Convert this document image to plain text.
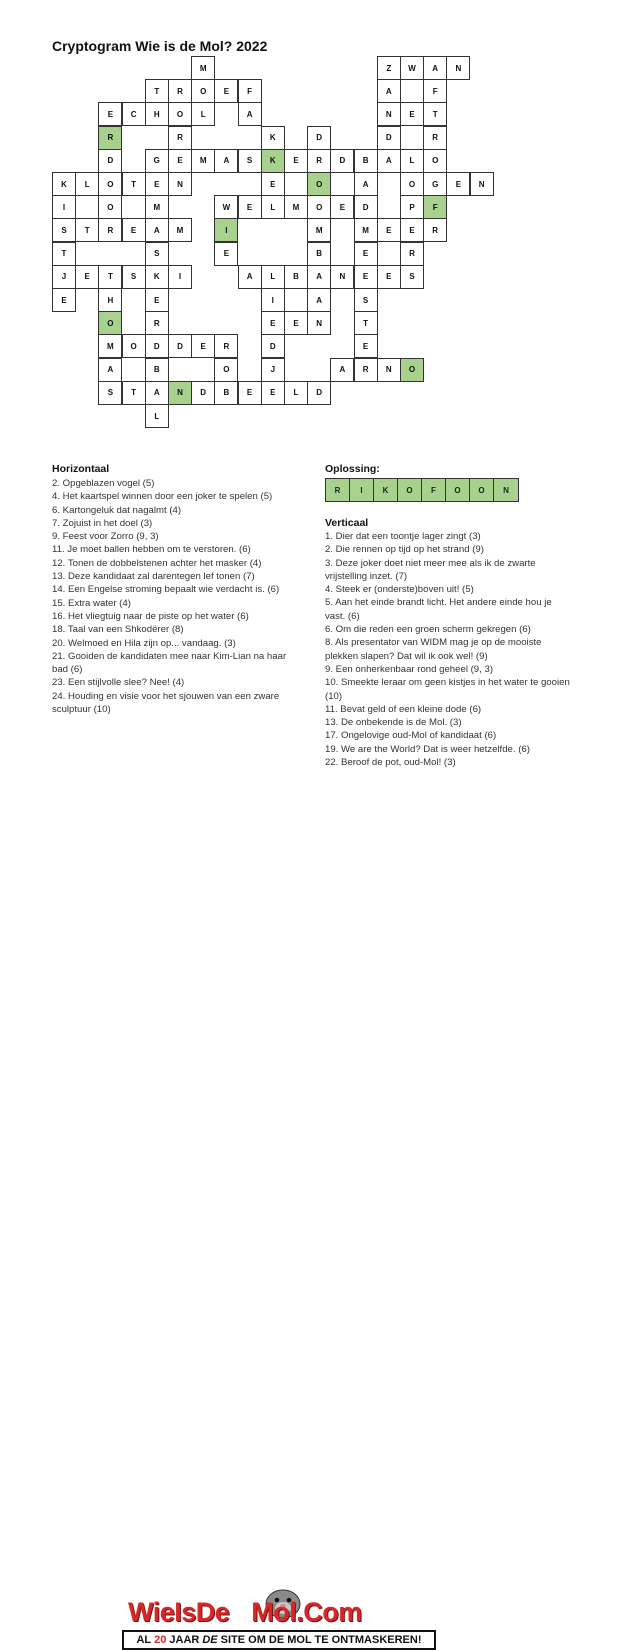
Cryptogram Wie is de Mol? 2022
M	Z	W	A	N
T	R	O	E	F	A	F
E	C	H	O	L	A	N	E	T
R	R	K	D	D	R
D	G	E	M	A	S	K	E	R	D	B	A	L	O
K	L	O	T	E	N	E	O	A	O	G	E	N
I	O	M	W	E	L	M	O	E	D	P	F
S	T	R	E	A	M	I	M	M	E	E	R
T	S	E	B	E	R
J	E	T	S	K	I	A	L	B	A	N	E	E	S
E	H	E	I	A	S
O	R	E	E	N	T
M	O	D	D	E	R	D	E
A	B	O	J	A	R	N	O
S	T	A	N	D	B	E	E	L	D
L
Horizontaal
2. Opgeblazen vogel (5)
4. Het kaartspel winnen door een joker te spelen (5)
6. Kartongeluk dat nagalmt (4)
7. Zojuist in het doel (3)
9. Feest voor Zorro (9, 3)
11. Je moet ballen hebben om te verstoren. (6)
12. Tonen de dobbelstenen achter het masker (4)
13. Deze kandidaat zal darentegen lef tonen (7)
14. Een Engelse stroming bepaalt wie verdacht is. (6)
15. Extra water (4)
16. Het vliegtuig naar de piste op het water (6)
18. Taal van een Shkodërer (8)
20. Welmoed en Hila zijn op... vandaag. (3)
21. Gooiden de kandidaten mee naar Kim-Lian na haar bad (6)
23. Een stijlvolle slee? Nee! (4)
24. Houding en visie voor het sjouwen van een zware sculptuur (10)
Oplossing:
R	I	K	O	F	O	O	N
Verticaal
1. Dier dat een toontje lager zingt (3)
2. Die rennen op tijd op het strand (9)
3. Deze joker doet niet meer mee als ik de zwarte vrijstelling inzet. (7)
4. Steek er (onderste)boven uit! (5)
5. Aan het einde brandt licht. Het andere einde hou je vast. (6)
6. Om die reden een groen scherm gekregen (6)
8. Als presentator van WIDM mag je op de mooiste plekken slapen? Dat wil ik ook wel! (9)
9. Een onherkenbaar rond geheel (9, 3)
10. Smeekte leraar om geen kistjes in het water te gooien (10)
11. Bevat geld of een kleine dode (6)
13. De onbekende is de Mol. (3)
17. Ongelovige oud-Mol of kandidaat (6)
19. We are the World? Dat is weer hetzelfde. (6)
22. Beroof de pot, oud-Mol! (3)
WieIsDe Mol.Com
AL 20 JAAR DE SITE OM DE MOL TE ONTMASKEREN!
